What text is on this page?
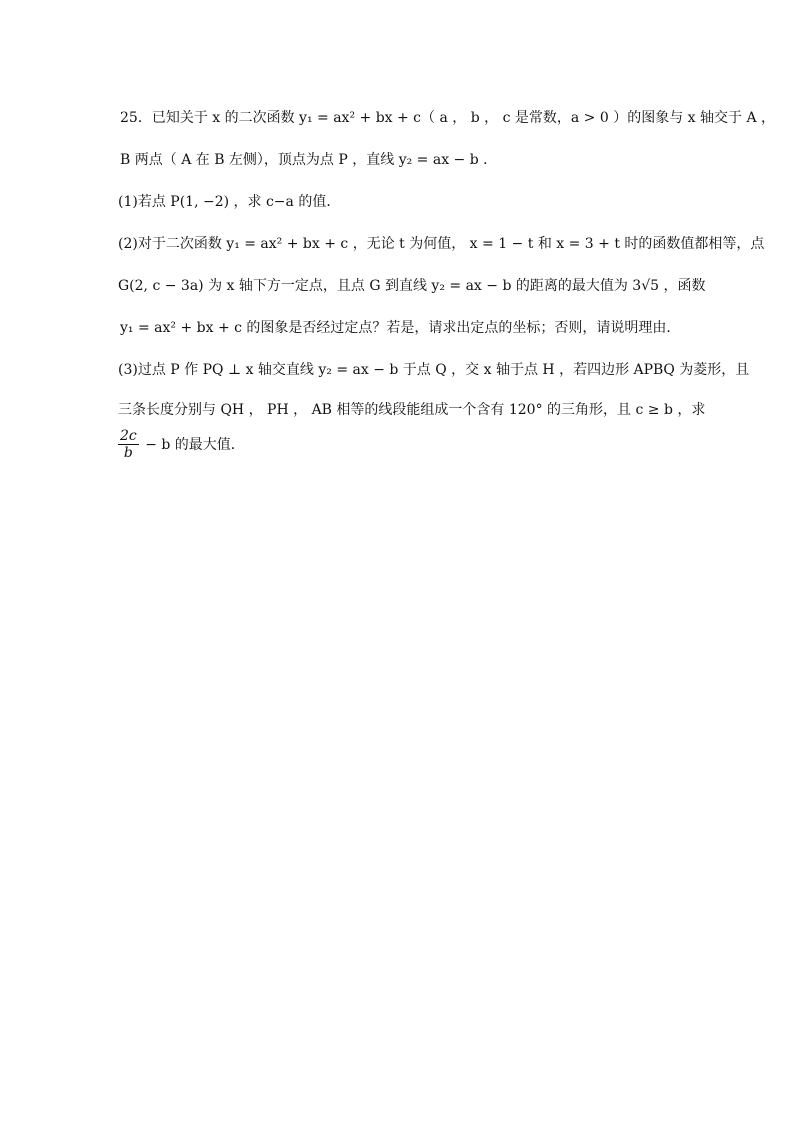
25．已知关于 x 的二次函数 y₁ = ax² + bx + c（ a ， b ， c 是常数，a > 0 ）的图象与 x 轴交于 A ，
B 两点（ A 在 B 左侧），顶点为点 P ，直线 y₂ = ax − b ．
(1)若点 P(1, −2) ，求 c−a 的值．
(2)对于二次函数 y₁ = ax² + bx + c ，无论 t 为何值， x = 1 − t 和 x = 3 + t 时的函数值都相等，点
G(2, c − 3a) 为 x 轴下方一定点，且点 G 到直线 y₂ = ax − b 的距离的最大值为 3√5 ，函数
y₁ = ax² + bx + c 的图象是否经过定点？若是，请求出定点的坐标；否则，请说明理由．
(3)过点 P 作 PQ ⊥ x 轴交直线 y₂ = ax − b 于点 Q ，交 x 轴于点 H ，若四边形 APBQ 为菱形，且
三条长度分别与 QH ， PH ， AB 相等的线段能组成一个含有 120° 的三角形，且 c ≥ b ，求
$\frac{2c}{b} - b$ 的最大值．
